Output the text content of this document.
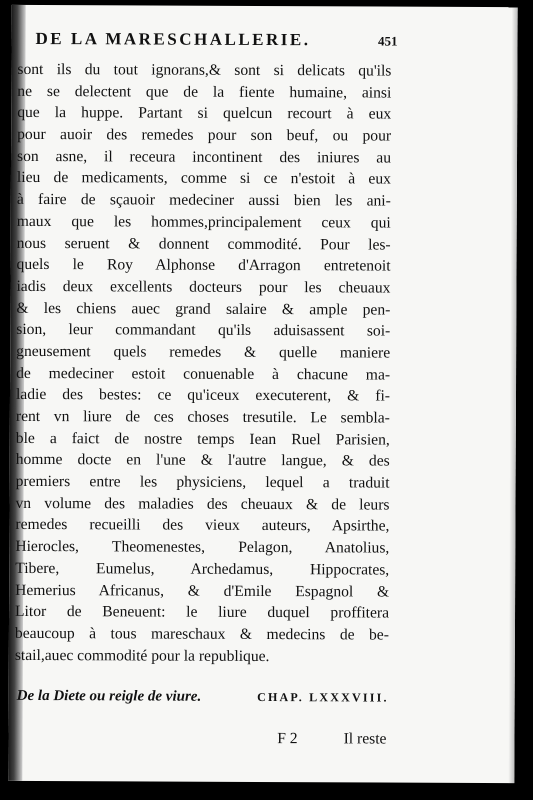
DE LA MARESCHALLERIE.	451
sont ils du tout ignorans,& sont si delicats qu'ils
ne se delectent que de la fiente humaine, ainsi
que la huppe. Partant si quelcun recourt à eux
pour auoir des remedes pour son beuf, ou pour
son asne, il receura incontinent des iniures au
lieu de medicaments, comme si ce n'estoit à eux
à faire de sçauoir medeciner aussi bien les ani-
maux que les hommes,principalement ceux qui
nous seruent & donnent commodité. Pour les-
quels le Roy Alphonse d'Arragon entretenoit
iadis deux excellents docteurs pour les cheuaux
& les chiens auec grand salaire & ample pen-
sion, leur commandant qu'ils aduisassent soi-
gneusement quels remedes & quelle maniere
de medeciner estoit conuenable à chacune ma-
ladie des bestes: ce qu'iceux executerent, & fi-
rent vn liure de ces choses tresutile. Le sembla-
ble a faict de nostre temps Iean Ruel Parisien,
homme docte en l'une & l'autre langue, & des
premiers entre les physiciens, lequel a traduit
vn volume des maladies des cheuaux & de leurs
remedes recueilli des vieux auteurs, Apsirthe,
Hierocles, Theomenestes, Pelagon, Anatolius,
Tibere, Eumelus, Archedamus, Hippocrates,
Hemerius Africanus, & d'Emile Espagnol &
Litor de Beneuent: le liure duquel proffitera
beaucoup à tous mareschaux & medecins de be-
stail,auec commodité pour la republique.
De la Diete ou reigle de viure.	CHAP. LXXXVIII.
F 2	Il reste
